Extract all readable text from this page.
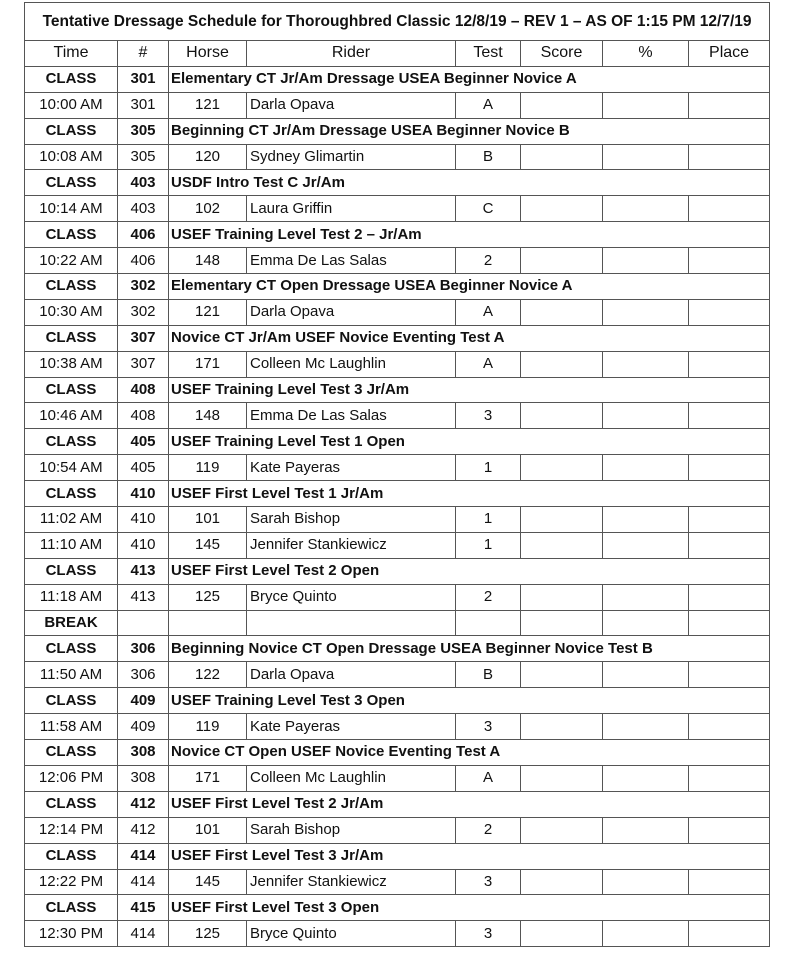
Tentative Dressage Schedule for Thoroughbred Classic 12/8/19 – REV 1 – AS OF 1:15 PM 12/7/19							
Time	#	Horse	Rider	Test	Score	%	Place
CLASS	301	Elementary CT Jr/Am Dressage USEA Beginner Novice A					
10:00 AM	301	121	Darla Opava	A			
CLASS	305	Beginning CT Jr/Am Dressage USEA Beginner Novice B					
10:08 AM	305	120	Sydney Glimartin	B			
CLASS	403	USDF Intro Test C Jr/Am					
10:14 AM	403	102	Laura Griffin	C			
CLASS	406	USEF Training Level Test 2 – Jr/Am					
10:22 AM	406	148	Emma De Las Salas	2			
CLASS	302	Elementary CT Open Dressage USEA Beginner Novice A					
10:30 AM	302	121	Darla Opava	A			
CLASS	307	Novice CT Jr/Am USEF Novice Eventing Test A					
10:38 AM	307	171	Colleen Mc Laughlin	A			
CLASS	408	USEF Training Level Test 3 Jr/Am					
10:46 AM	408	148	Emma De Las Salas	3			
CLASS	405	USEF Training Level Test 1 Open					
10:54 AM	405	119	Kate Payeras	1			
CLASS	410	USEF First Level Test 1 Jr/Am					
11:02 AM	410	101	Sarah Bishop	1			
11:10 AM	410	145	Jennifer Stankiewicz	1			
CLASS	413	USEF First Level Test 2 Open					
11:18 AM	413	125	Bryce Quinto	2			
BREAK							
CLASS	306	Beginning Novice CT Open Dressage USEA Beginner Novice Test B					
11:50 AM	306	122	Darla Opava	B			
CLASS	409	USEF Training Level Test 3 Open					
11:58 AM	409	119	Kate Payeras	3			
CLASS	308	Novice CT Open USEF Novice Eventing Test A					
12:06 PM	308	171	Colleen Mc Laughlin	A			
CLASS	412	USEF First Level Test 2 Jr/Am					
12:14 PM	412	101	Sarah Bishop	2			
CLASS	414	USEF First Level Test 3 Jr/Am					
12:22 PM	414	145	Jennifer Stankiewicz	3			
CLASS	415	USEF First Level Test 3 Open					
12:30 PM	414	125	Bryce Quinto	3			
